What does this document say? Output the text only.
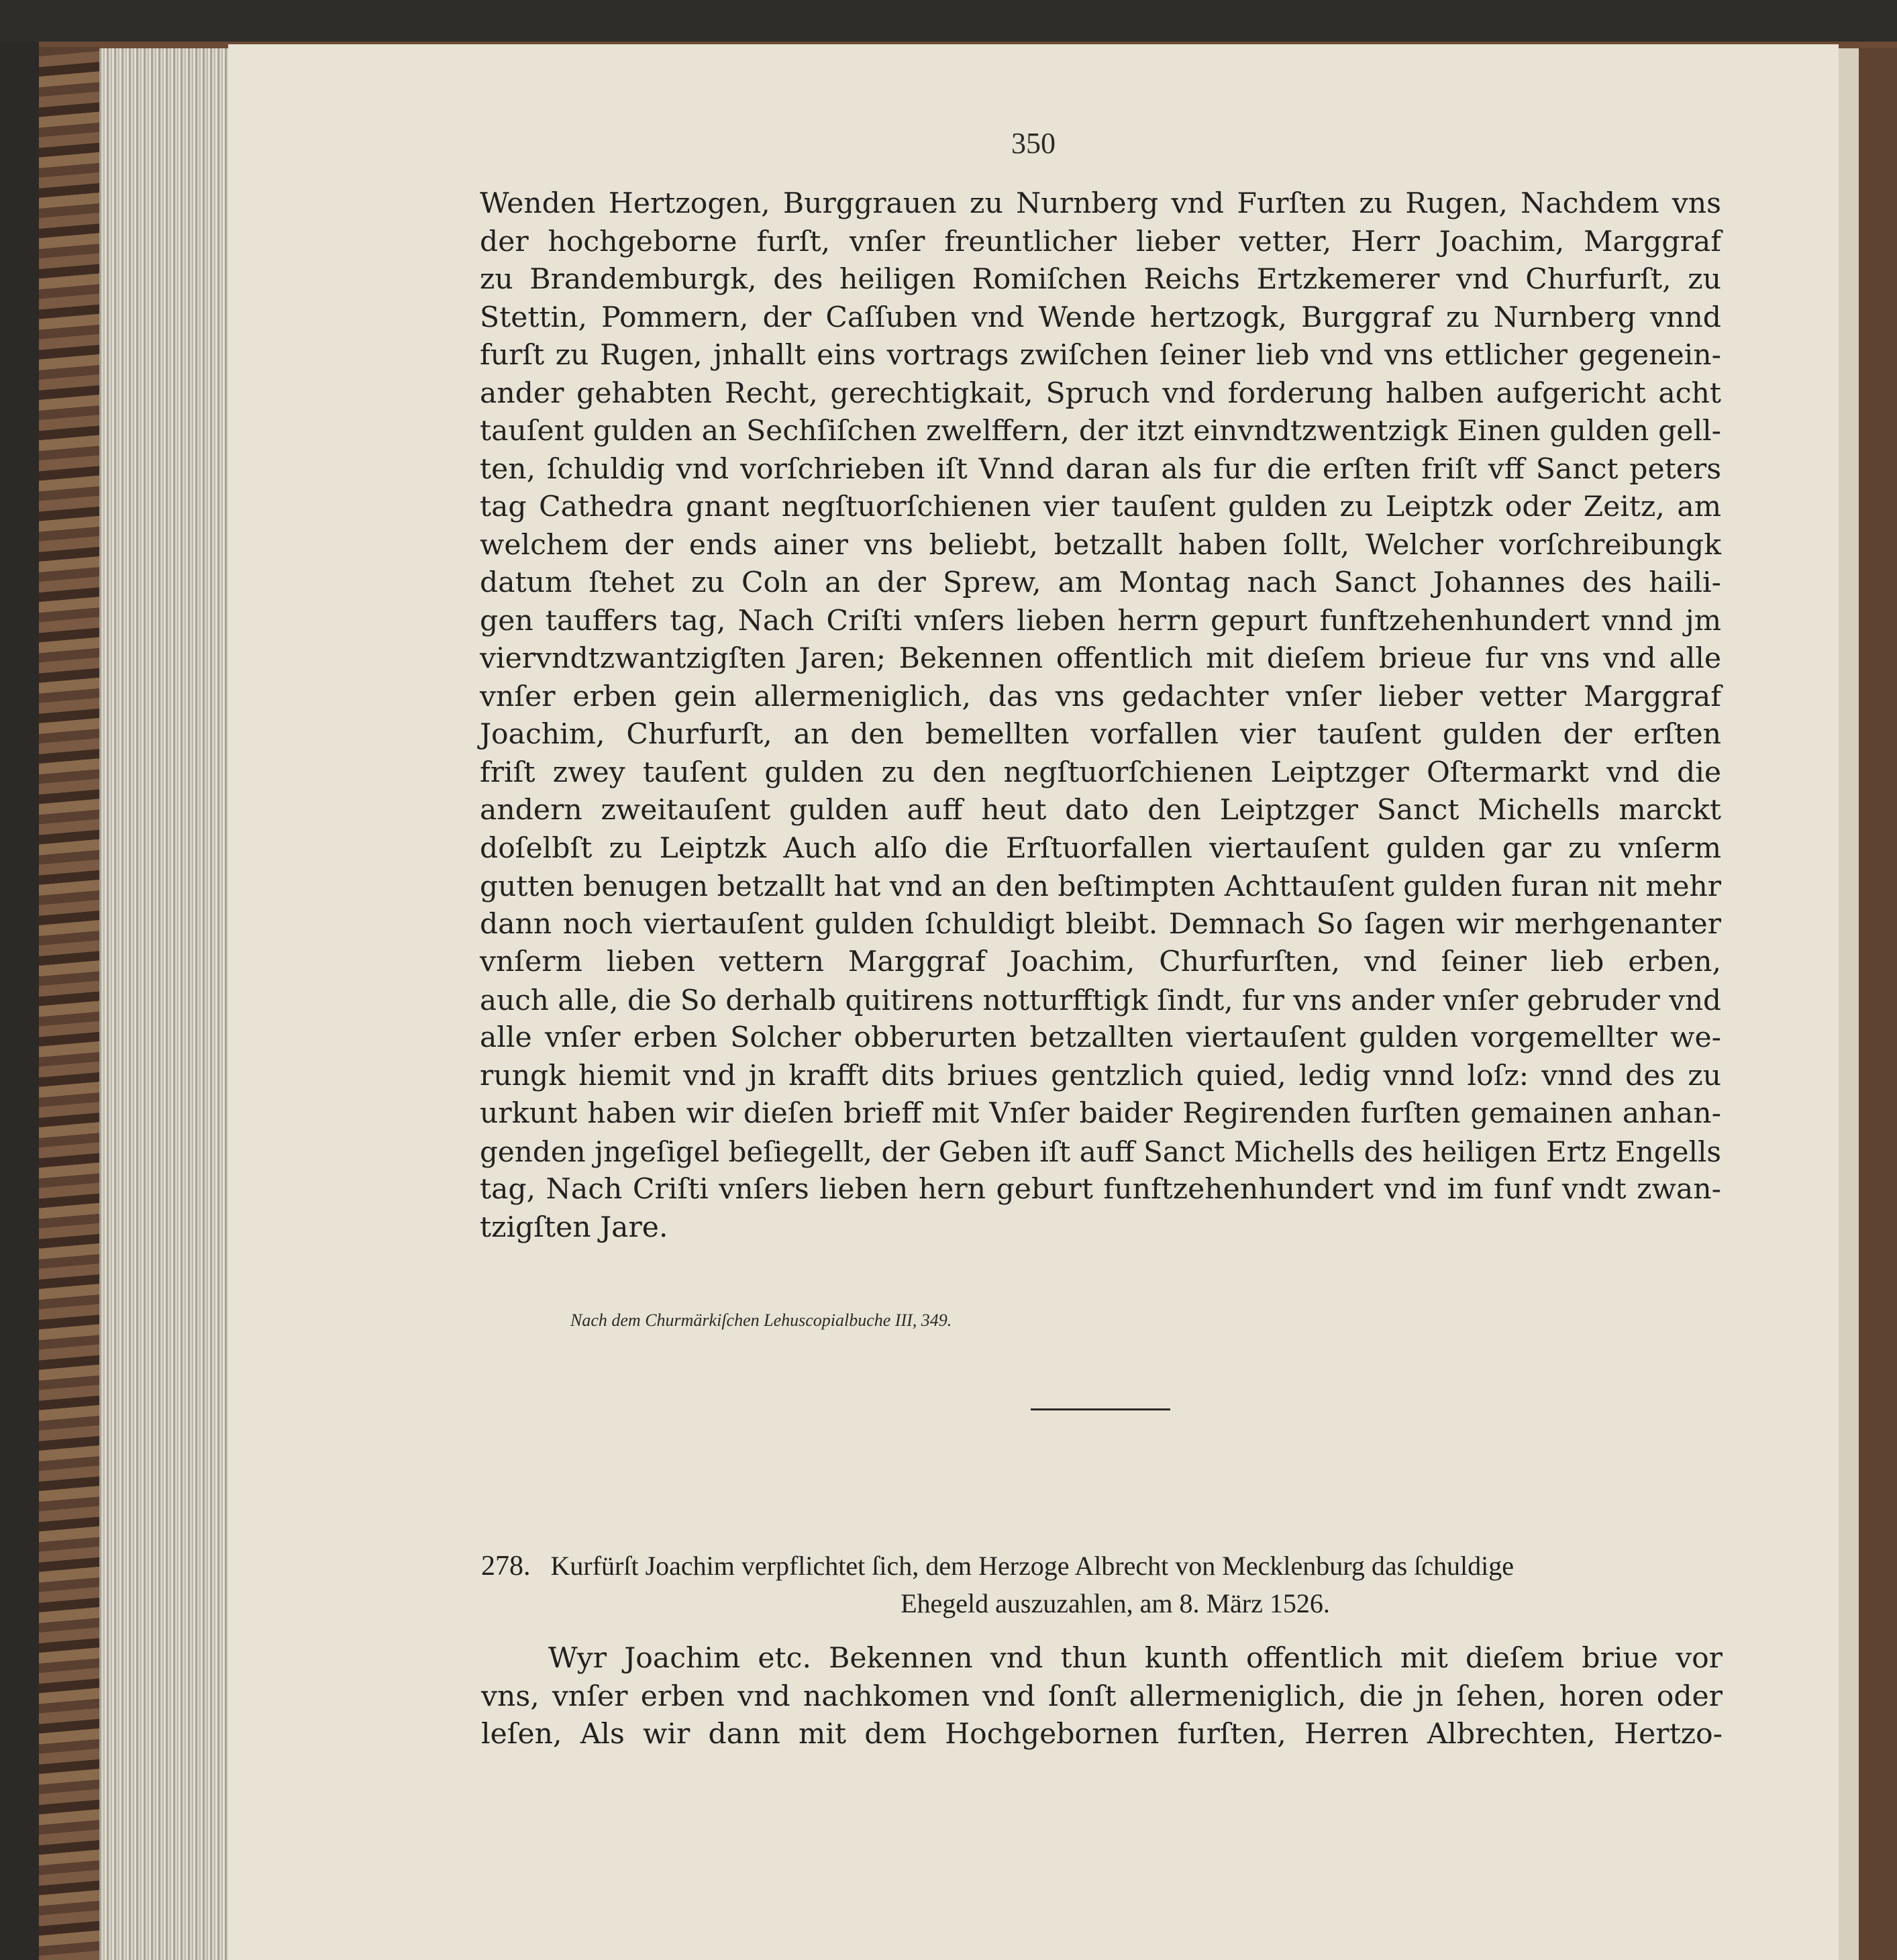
350
Wenden Hertzogen, Burggrauen zu Nurnberg vnd Furſten zu Rugen, Nachdem vns
der hochgeborne furſt, vnſer freuntlicher lieber vetter, Herr Joachim, Marggraf
zu Brandemburgk, des heiligen Romiſchen Reichs Ertzkemerer vnd Churfurſt, zu
Stettin, Pommern, der Caſſuben vnd Wende hertzogk, Burggraf zu Nurnberg vnnd
furſt zu Rugen, jnhallt eins vortrags zwiſchen ſeiner lieb vnd vns ettlicher gegenein-
ander gehabten Recht, gerechtigkait, Spruch vnd forderung halben aufgericht acht
tauſent gulden an Sechſiſchen zwelffern, der itzt einvndtzwentzigk Einen gulden gell-
ten, ſchuldig vnd vorſchrieben iſt Vnnd daran als fur die erſten friſt vff Sanct peters
tag Cathedra gnant negſtuorſchienen vier tauſent gulden zu Leiptzk oder Zeitz, am
welchem der ends ainer vns beliebt, betzallt haben ſollt, Welcher vorſchreibungk
datum ſtehet zu Coln an der Sprew, am Montag nach Sanct Johannes des haili-
gen tauffers tag, Nach Criſti vnſers lieben herrn gepurt funftzehenhundert vnnd jm
viervndtzwantzigſten Jaren; Bekennen offentlich mit dieſem brieue fur vns vnd alle
vnſer erben gein allermeniglich, das vns gedachter vnſer lieber vetter Marggraf
Joachim, Churfurſt, an den bemellten vorfallen vier tauſent gulden der erſten
friſt zwey tauſent gulden zu den negſtuorſchienen Leiptzger Oſtermarkt vnd die
andern zweitauſent gulden auff heut dato den Leiptzger Sanct Michells marckt
doſelbſt zu Leiptzk Auch alſo die Erſtuorfallen viertauſent gulden gar zu vnſerm
gutten benugen betzallt hat vnd an den beſtimpten Achttauſent gulden furan nit mehr
dann noch viertauſent gulden ſchuldigt bleibt. Demnach So ſagen wir merhgenanter
vnſerm lieben vettern Marggraf Joachim, Churfurſten, vnd ſeiner lieb erben,
auch alle, die So derhalb quitirens notturfftigk ſindt, fur vns ander vnſer gebruder vnd
alle vnſer erben Solcher obberurten betzallten viertauſent gulden vorgemellter we-
rungk hiemit vnd jn krafft dits briues gentzlich quied, ledig vnnd loſz: vnnd des zu
urkunt haben wir dieſen brieff mit Vnſer baider Regirenden furſten gemainen anhan-
genden jngeſigel beſiegellt, der Geben iſt auff Sanct Michells des heiligen Ertz Engells
tag, Nach Criſti vnſers lieben hern geburt funftzehenhundert vnd im funf vndt zwan-
tzigſten Jare.
Nach dem Churmärkiſchen Lehuscopialbuche III, 349.
278. Kurfürſt Joachim verpflichtet ſich, dem Herzoge Albrecht von Mecklenburg das ſchuldige
Ehegeld auszuzahlen, am 8. März 1526.
Wyr Joachim etc. Bekennen vnd thun kunth offentlich mit dieſem briue vor
vns, vnſer erben vnd nachkomen vnd ſonſt allermeniglich, die jn ſehen, horen oder
leſen, Als wir dann mit dem Hochgebornen furſten, Herren Albrechten, Hertzo-
